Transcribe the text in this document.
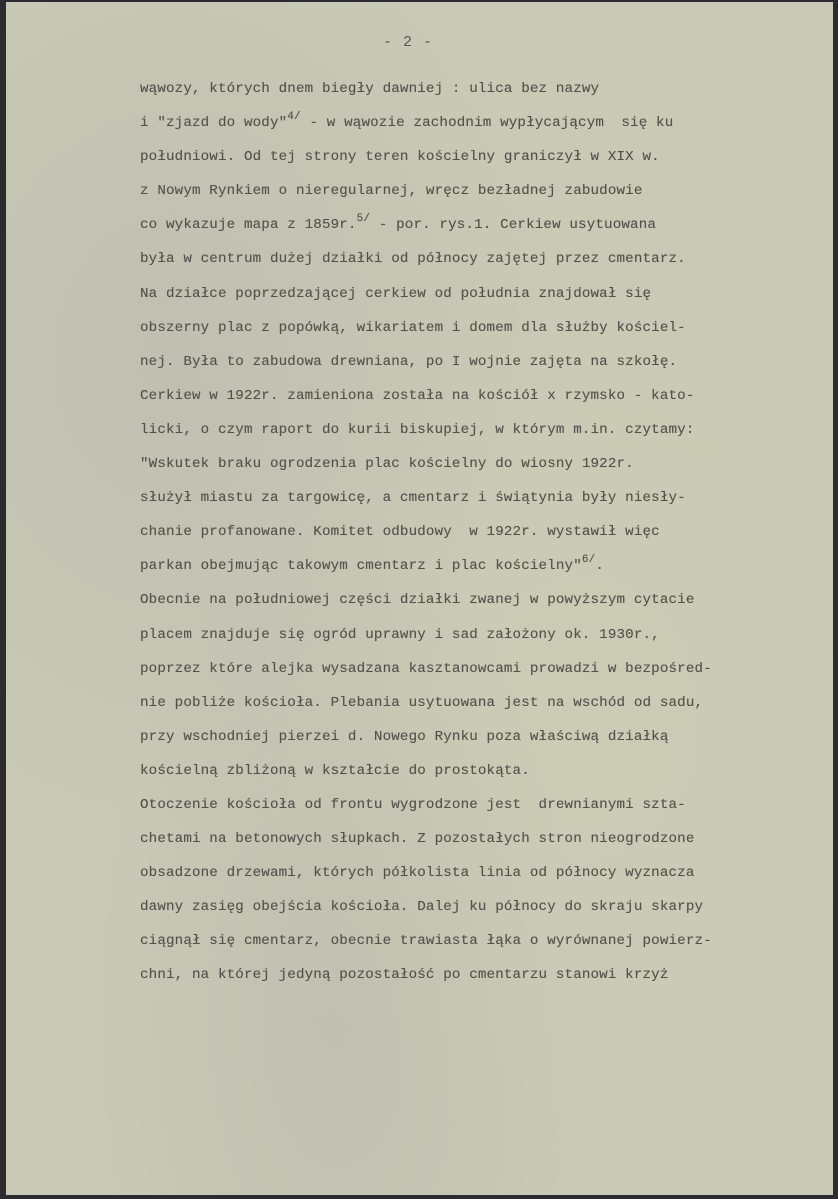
- 2 -
wąwozy, których dnem biegły dawniej : ulica bez nazwy
i "zjazd do wody"$^{4/}$ - w wąwozie zachodnim wypłycającym  się ku
południowi. Od tej strony teren kościelny graniczył w XIX w.
z Nowym Rynkiem o nieregularnej, wręcz bezładnej zabudowie
co wykazuje mapa z 1859r.$^{5/}$ - por. rys.1. Cerkiew usytuowana
była w centrum dużej działki od północy zajętej przez cmentarz.
Na działce poprzedzającej cerkiew od południa znajdował się
obszerny plac z popówką, wikariatem i domem dla służby kościel-
nej. Była to zabudowa drewniana, po I wojnie zajęta na szkołę.
Cerkiew w 1922r. zamieniona została na kościół x rzymsko - kato-
licki, o czym raport do kurii biskupiej, w którym m.in. czytamy:
"Wskutek braku ogrodzenia plac kościelny do wiosny 1922r.
służył miastu za targowicę, a cmentarz i świątynia były niesły-
chanie profanowane. Komitet odbudowy  w 1922r. wystawił więc
parkan obejmując takowym cmentarz i plac kościelny"$^{6/}$.
Obecnie na południowej części działki zwanej w powyższym cytacie
placem znajduje się ogród uprawny i sad założony ok. 1930r.,
poprzez które alejka wysadzana kasztanowcami prowadzi w bezpośred-
nie pobliże kościoła. Plebania usytuowana jest na wschód od sadu,
przy wschodniej pierzei d. Nowego Rynku poza właściwą działką
kościelną zbliżoną w kształcie do prostokąta.
Otoczenie kościoła od frontu wygrodzone jest  drewnianymi szta-
chetami na betonowych słupkach. Z pozostałych stron nieogrodzone
obsadzone drzewami, których półkolista linia od północy wyznacza
dawny zasięg obejścia kościoła. Dalej ku północy do skraju skarpy
ciągnął się cmentarz, obecnie trawiasta łąka o wyrównanej powierz-
chni, na której jedyną pozostałość po cmentarzu stanowi krzyż
